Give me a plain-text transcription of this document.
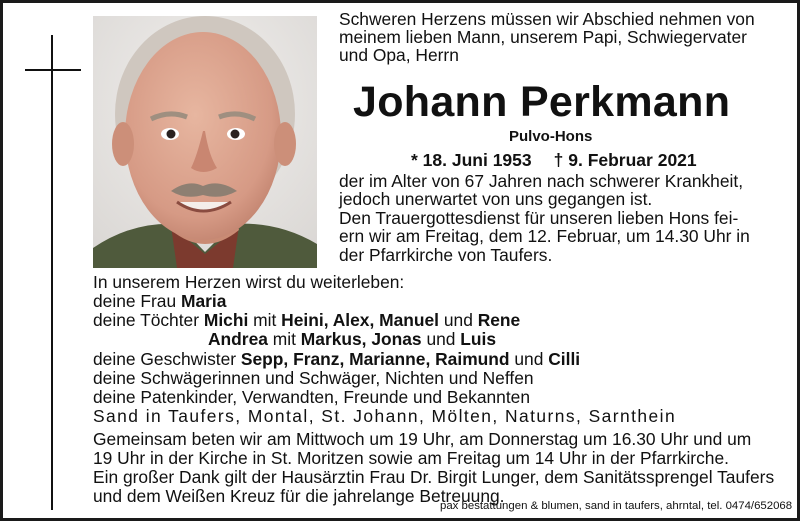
Schweren Herzens müssen wir Abschied nehmen von
meinem lieben Mann, unserem Papi, Schwiegervater
und Opa, Herrn
Johann Perkmann
Pulvo-Hons
* 18. Juni 1953 † 9. Februar 2021
der im Alter von 67 Jahren nach schwerer Krankheit,
jedoch unerwartet von uns gegangen ist.
Den Trauergottesdienst für unseren lieben Hons fei-
ern wir am Freitag, dem 12. Februar, um 14.30 Uhr in
der Pfarrkirche von Taufers.
In unserem Herzen wirst du weiterleben:
deine Frau Maria
deine Töchter Michi mit Heini, Alex, Manuel und Rene
Andrea mit Markus, Jonas und Luis
deine Geschwister Sepp, Franz, Marianne, Raimund und Cilli
deine Schwägerinnen und Schwäger, Nichten und Neffen
deine Patenkinder, Verwandten, Freunde und Bekannten
Sand in Taufers, Montal, St. Johann, Mölten, Naturns, Sarnthein
Gemeinsam beten wir am Mittwoch um 19 Uhr, am Donnerstag um 16.30 Uhr und um
19 Uhr in der Kirche in St. Moritzen sowie am Freitag um 14 Uhr in der Pfarrkirche.
Ein großer Dank gilt der Hausärztin Frau Dr. Birgit Lunger, dem Sanitätssprengel Taufers
und dem Weißen Kreuz für die jahrelange Betreuung.
pax bestattungen & blumen, sand in taufers, ahrntal, tel. 0474/652068
